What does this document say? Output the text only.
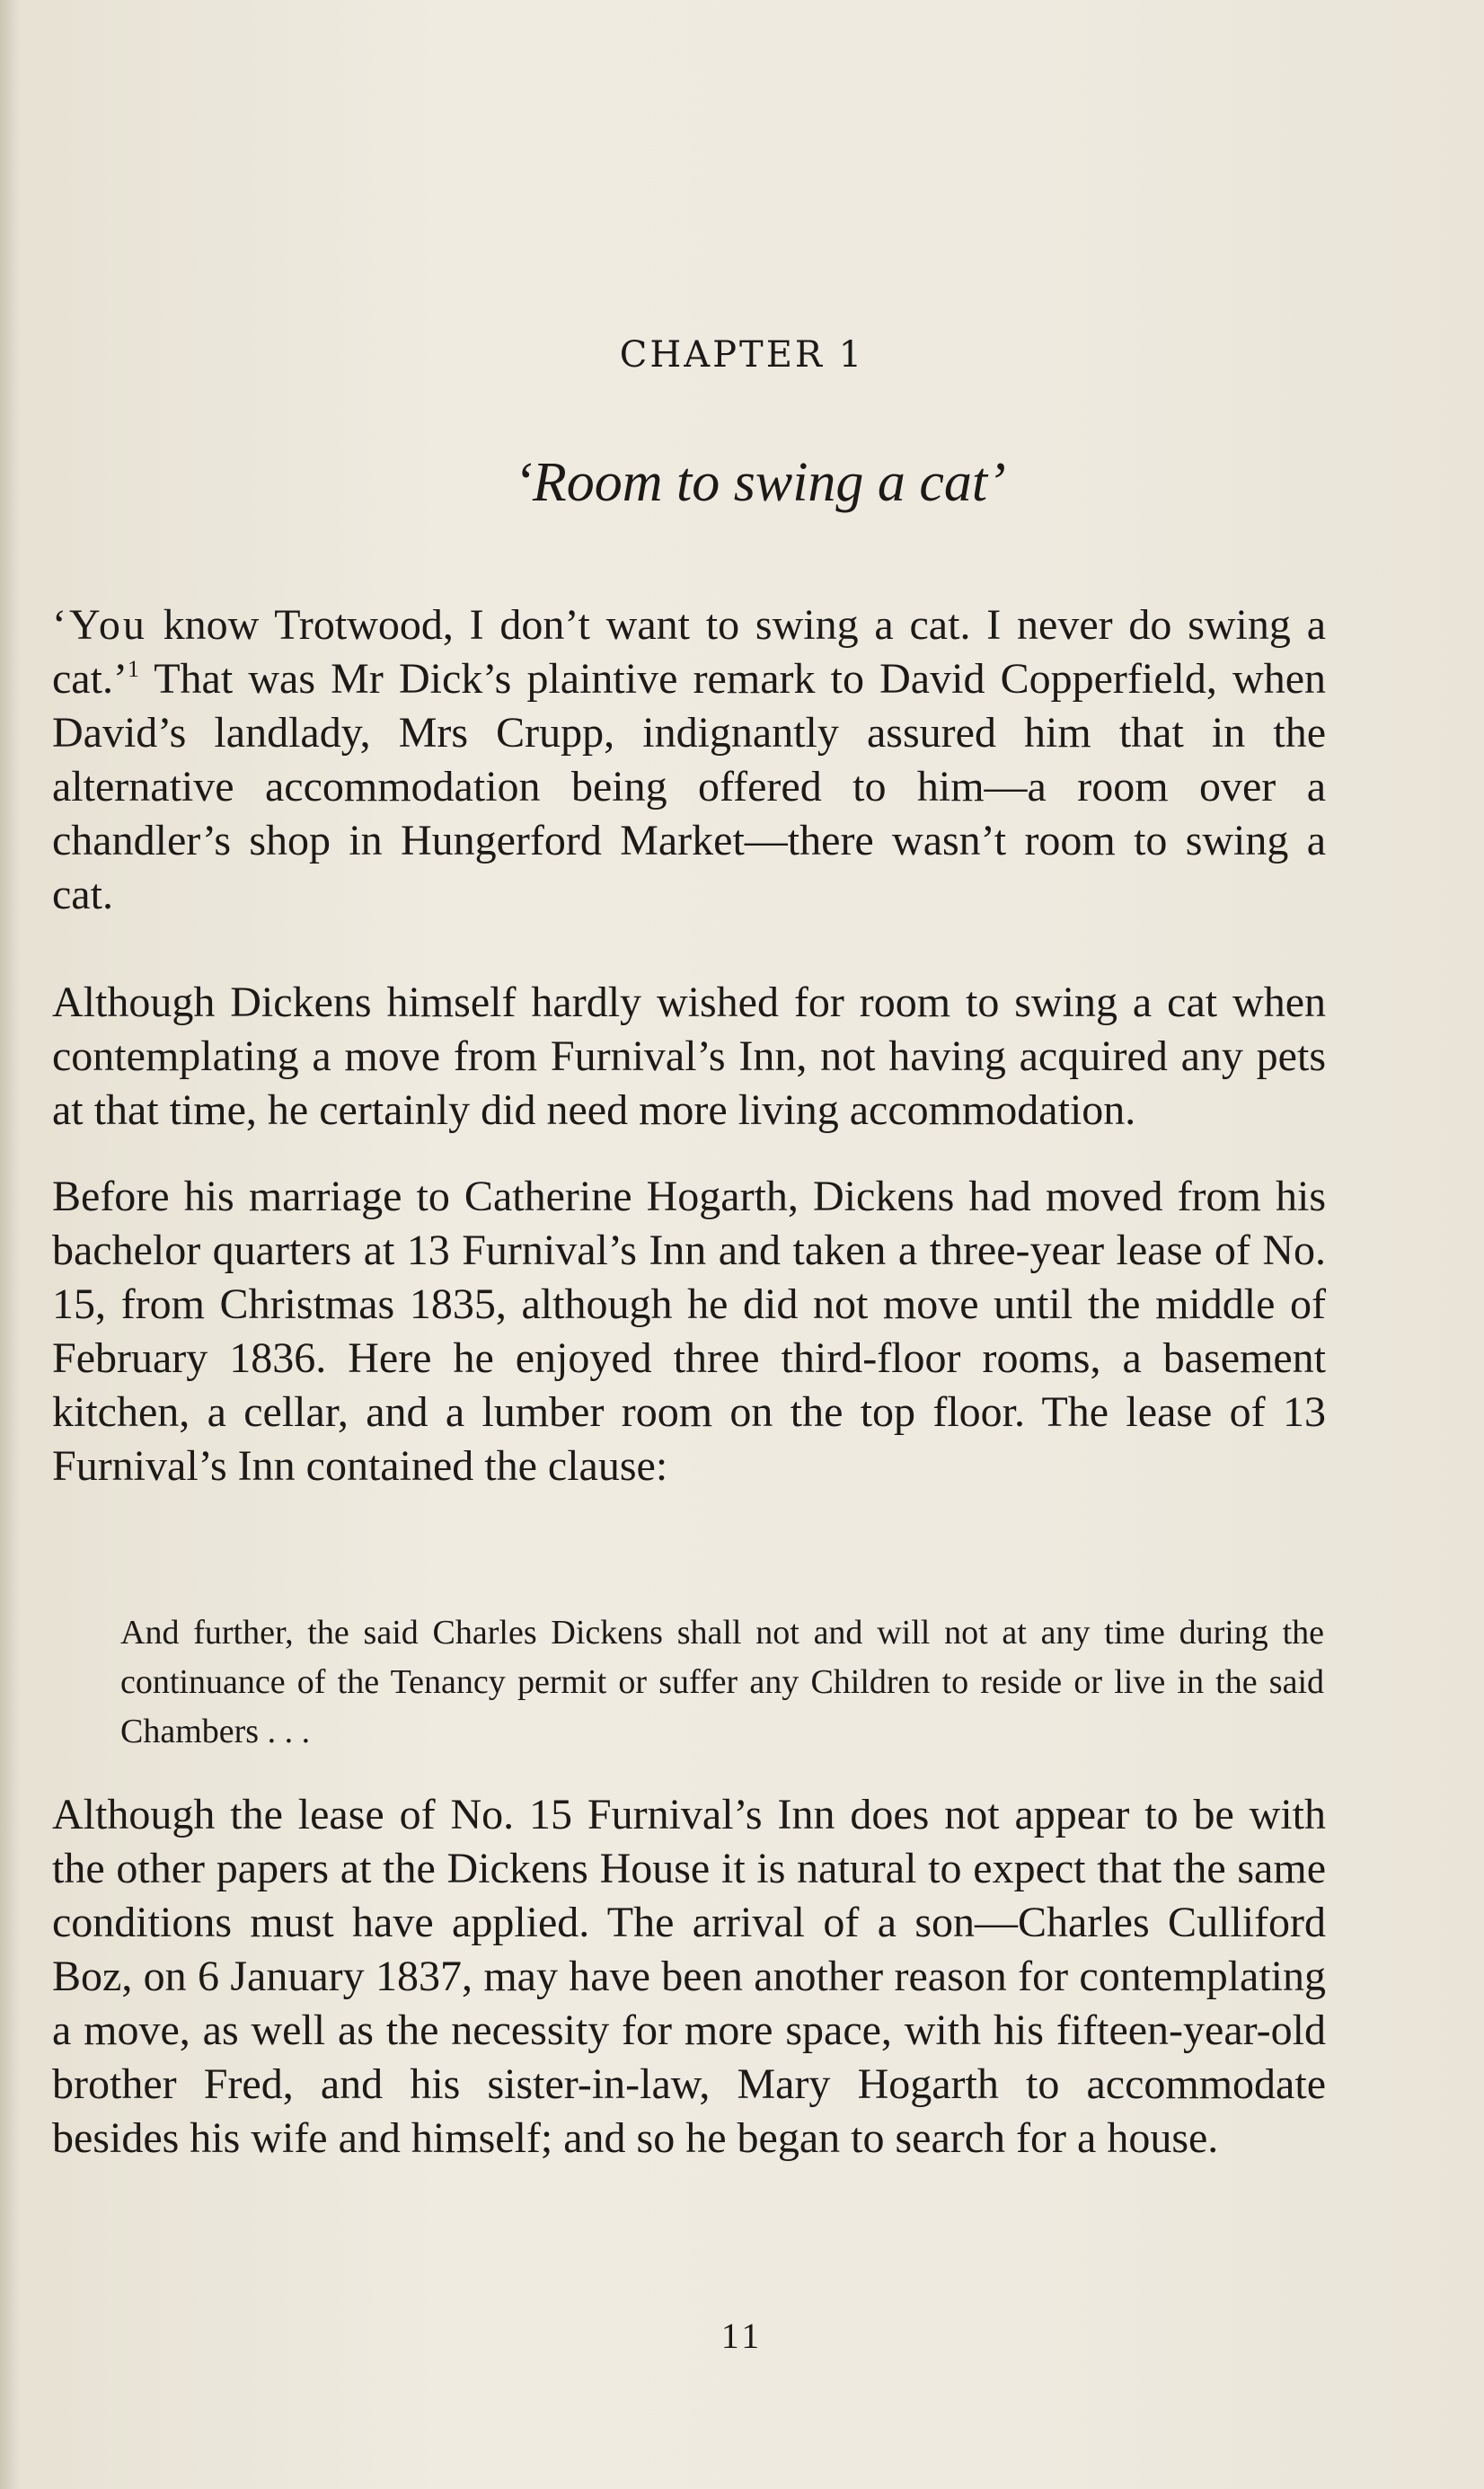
CHAPTER 1
‘Room to swing a cat’

‘You know Trotwood, I don’t want to swing a cat. I never do swing a cat.’$^1$ That was Mr Dick’s plaintive remark to David Copperfield, when David’s landlady, Mrs Crupp, indignantly assured him that in the alternative accommodation being offered to him—a room over a chandler’s shop in Hungerford Market—there wasn’t room to swing a cat.

Although Dickens himself hardly wished for room to swing a cat when contemplating a move from Furnival’s Inn, not having acquired any pets at that time, he certainly did need more living accommodation.

Before his marriage to Catherine Hogarth, Dickens had moved from his bachelor quarters at 13 Furnival’s Inn and taken a three-year lease of No. 15, from Christmas 1835, although he did not move until the middle of February 1836. Here he enjoyed three third-floor rooms, a basement kitchen, a cellar, and a lumber room on the top floor. The lease of 13 Furnival’s Inn contained the clause:

And further, the said Charles Dickens shall not and will not at any time during the continuance of the Tenancy permit or suffer any Children to reside or live in the said Chambers . . .

Although the lease of No. 15 Furnival’s Inn does not appear to be with the other papers at the Dickens House it is natural to expect that the same conditions must have applied. The arrival of a son—Charles Culliford Boz, on 6 January 1837, may have been another reason for contemplating a move, as well as the necessity for more space, with his fifteen-year-old brother Fred, and his sister-in-law, Mary Hogarth to accommodate besides his wife and himself; and so he began to search for a house.

11
